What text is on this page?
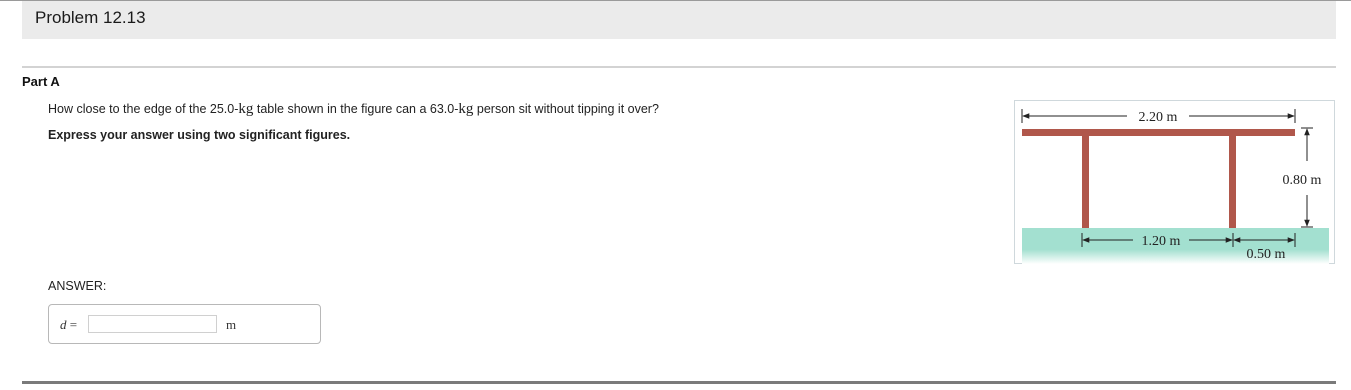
Problem 12.13
Part A
How close to the edge of the 25.0-kg table shown in the figure can a 63.0-kg person sit without tipping it over?
Express your answer using two significant figures.
ANSWER:
d =	m
2.20 m
0.80 m
1.20 m
0.50 m
